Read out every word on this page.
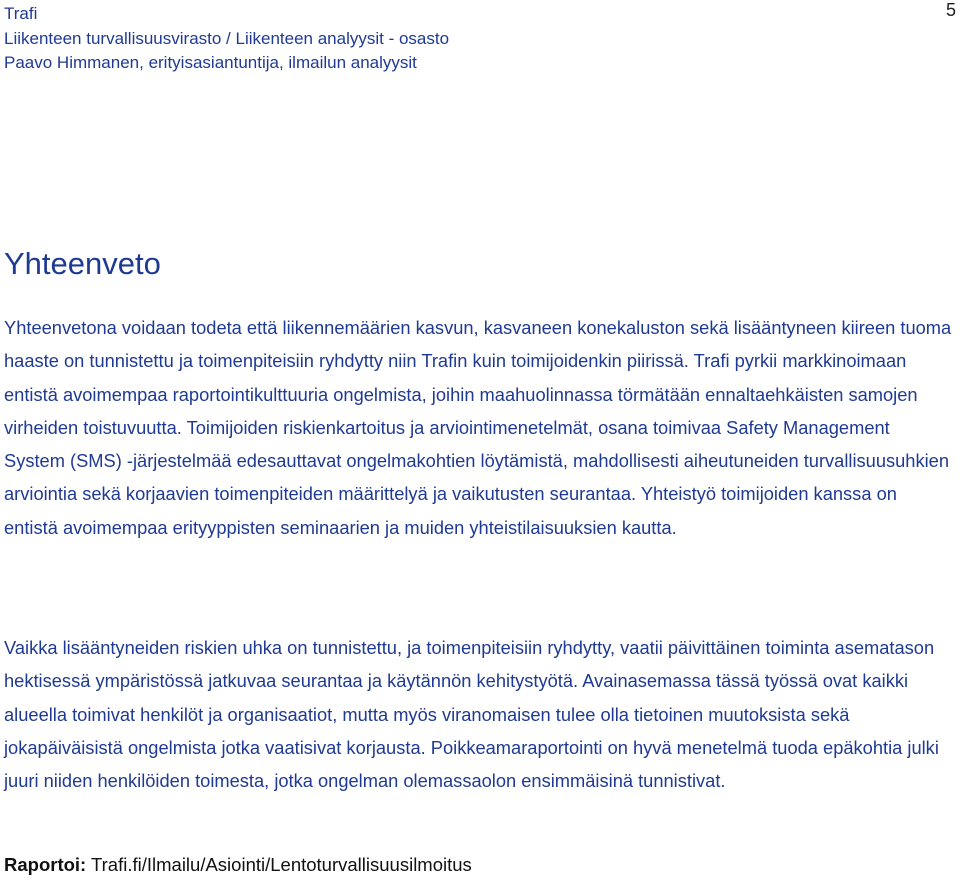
5
Trafi
Liikenteen turvallisuusvirasto / Liikenteen analyysit - osasto
Paavo Himmanen, erityisasiantuntija, ilmailun analyysit
Yhteenveto

Yhteenvetona voidaan todeta että liikennemäärien kasvun, kasvaneen konekaluston sekä lisääntyneen kiireen tuoma haaste on tunnistettu ja toimenpiteisiin ryhdytty niin Trafin kuin toimijoidenkin piirissä. Trafi pyrkii markkinoimaan entistä avoimempaa raportointikulttuuria ongelmista, joihin maahuolinnassa törmätään ennaltaehkäisten samojen virheiden toistuvuutta. Toimijoiden riskienkartoitus ja arviointimenetelmät, osana toimivaa Safety Management System (SMS) -järjestelmää edesauttavat ongelmakohtien löytämistä, mahdollisesti aiheutuneiden turvallisuusuhkien arviointia sekä korjaavien toimenpiteiden määrittelyä ja vaikutusten seurantaa. Yhteistyö toimijoiden kanssa on entistä avoimempaa erityyppisten seminaarien ja muiden yhteistilaisuuksien kautta.

Vaikka lisääntyneiden riskien uhka on tunnistettu, ja toimenpiteisiin ryhdytty, vaatii päivittäinen toiminta asematason hektisessä ympäristössä jatkuvaa seurantaa ja käytännön kehitystyötä. Avainasemassa tässä työssä ovat kaikki alueella toimivat henkilöt ja organisaatiot, mutta myös viranomaisen tulee olla tietoinen muutoksista sekä jokapäiväisistä ongelmista jotka vaatisivat korjausta. Poikkeamaraportointi on hyvä menetelmä tuoda epäkohtia julki juuri niiden henkilöiden toimesta, jotka ongelman olemassaolon ensimmäisinä tunnistivat.

Raportoi: Trafi.fi/Ilmailu/Asiointi/Lentoturvallisuusilmoitus
